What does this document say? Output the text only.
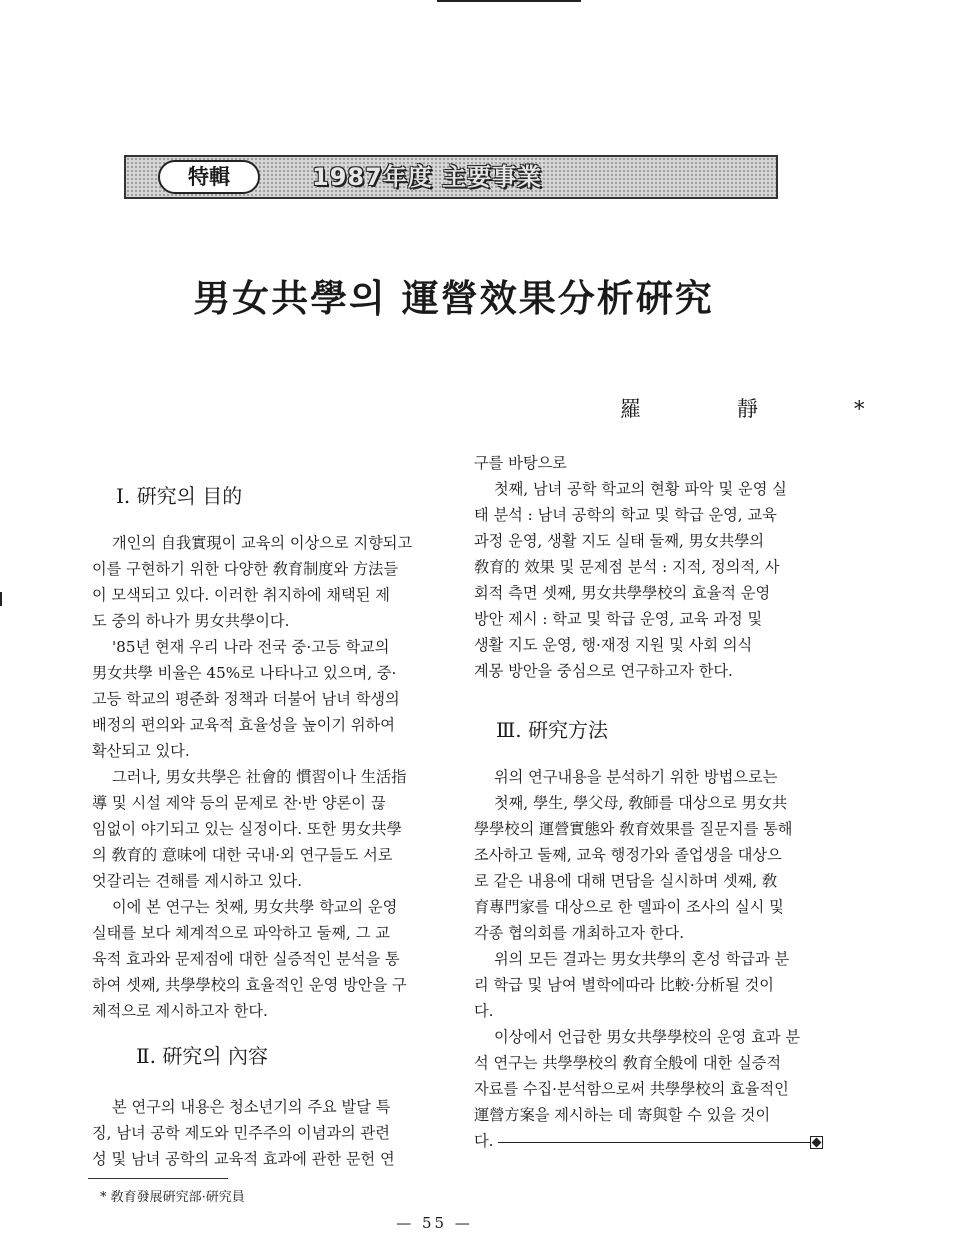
特輯	1987年度 主要事業
男女共學의 運營效果分析硏究
羅靜*
Ⅰ. 硏究의 目的

개인의 自我實現이 교육의 이상으로 지향되고

이를 구현하기 위한 다양한 敎育制度와 方法들

이 모색되고 있다. 이러한 취지하에 채택된 제

도 중의 하나가 男女共學이다.

'85년 현재 우리 나라 전국 중·고등 학교의

男女共學 비율은 45%로 나타나고 있으며, 중·

고등 학교의 평준화 정책과 더불어 남녀 학생의

배정의 편의와 교육적 효율성을 높이기 위하여

확산되고 있다.

그러나, 男女共學은 社會的 慣習이나 生活指

導 및 시설 제약 등의 문제로 찬·반 양론이 끊

임없이 야기되고 있는 실정이다. 또한 男女共學

의 敎育的 意味에 대한 국내·외 연구들도 서로

엇갈리는 견해를 제시하고 있다.

이에 본 연구는 첫째, 男女共學 학교의 운영

실태를 보다 체계적으로 파악하고 둘째, 그 교

육적 효과와 문제점에 대한 실증적인 분석을 통

하여 셋째, 共學學校의 효율적인 운영 방안을 구

체적으로 제시하고자 한다.

Ⅱ. 硏究의 內容

본 연구의 내용은 청소년기의 주요 발달 특

징, 남녀 공학 제도와 민주주의 이념과의 관련

성 및 남녀 공학의 교육적 효과에 관한 문헌 연

구를 바탕으로

첫째, 남녀 공학 학교의 현황 파악 및 운영 실

태 분석 : 남녀 공학의 학교 및 학급 운영, 교육

과정 운영, 생활 지도 실태 둘째, 男女共學의

敎育的 效果 및 문제점 분석 : 지적, 정의적, 사

회적 측면 셋째, 男女共學學校의 효율적 운영

방안 제시 : 학교 및 학급 운영, 교육 과정 및

생활 지도 운영, 행·재정 지원 및 사회 의식

계몽 방안을 중심으로 연구하고자 한다.

Ⅲ. 硏究方法

위의 연구내용을 분석하기 위한 방법으로는

첫째, 學生, 學父母, 敎師를 대상으로 男女共

學學校의 運營實態와 敎育效果를 질문지를 통해

조사하고 둘째, 교육 행정가와 졸업생을 대상으

로 같은 내용에 대해 면담을 실시하며 셋째, 敎

育專門家를 대상으로 한 델파이 조사의 실시 및

각종 협의회를 개최하고자 한다.

위의 모든 결과는 男女共學의 혼성 학급과 분

리 학급 및 남여 별학에따라 比較·分析될 것이

다.

이상에서 언급한 男女共學學校의 운영 효과 분

석 연구는 共學學校의 敎育全般에 대한 실증적

자료를 수집·분석함으로써 共學學校의 효율적인

運營方案을 제시하는 데 寄與할 수 있을 것이

다.

* 敎育發展硏究部·硏究員
— 55 —
